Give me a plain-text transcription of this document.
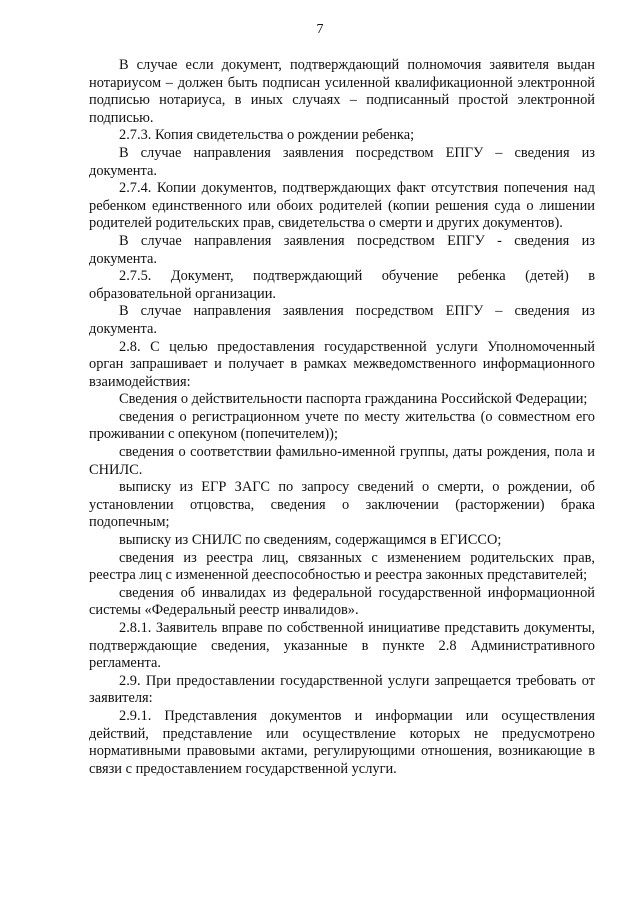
7

В случае если документ, подтверждающий полномочия заявителя выдан нотариусом – должен быть подписан усиленной квалификационной электронной подписью нотариуса, в иных случаях – подписанный простой электронной подписью.

2.7.3. Копия свидетельства о рождении ребенка;

В случае направления заявления посредством ЕПГУ – сведения из документа.

2.7.4. Копии документов, подтверждающих факт отсутствия попечения над ребенком единственного или обоих родителей (копии решения суда о лишении родителей родительских прав, свидетельства о смерти и других документов).

В случае направления заявления посредством ЕПГУ - сведения из документа.

2.7.5. Документ, подтверждающий обучение ребенка (детей) в образовательной организации.

В случае направления заявления посредством ЕПГУ – сведения из документа.

2.8. С целью предоставления государственной услуги Уполномоченный орган запрашивает и получает в рамках межведомственного информационного взаимодействия:

Сведения о действительности паспорта гражданина Российской Федерации;

сведения о регистрационном учете по месту жительства (о совместном его проживании с опекуном (попечителем));

сведения о соответствии фамильно-именной группы, даты рождения, пола и СНИЛС.

выписку из ЕГР ЗАГС по запросу сведений о смерти, о рождении, об установлении отцовства, сведения о заключении (расторжении) брака подопечным;

выписку из СНИЛС по сведениям, содержащимся в ЕГИССО;

сведения из реестра лиц, связанных с изменением родительских прав, реестра лиц с измененной дееспособностью и реестра законных представителей;

сведения об инвалидах из федеральной государственной информационной системы «Федеральный реестр инвалидов».

2.8.1. Заявитель вправе по собственной инициативе представить документы, подтверждающие сведения, указанные в пункте 2.8 Административного регламента.

2.9. При предоставлении государственной услуги запрещается требовать от заявителя:

2.9.1. Представления документов и информации или осуществления действий, представление или осуществление которых не предусмотрено нормативными правовыми актами, регулирующими отношения, возникающие в связи с предоставлением государственной услуги.
